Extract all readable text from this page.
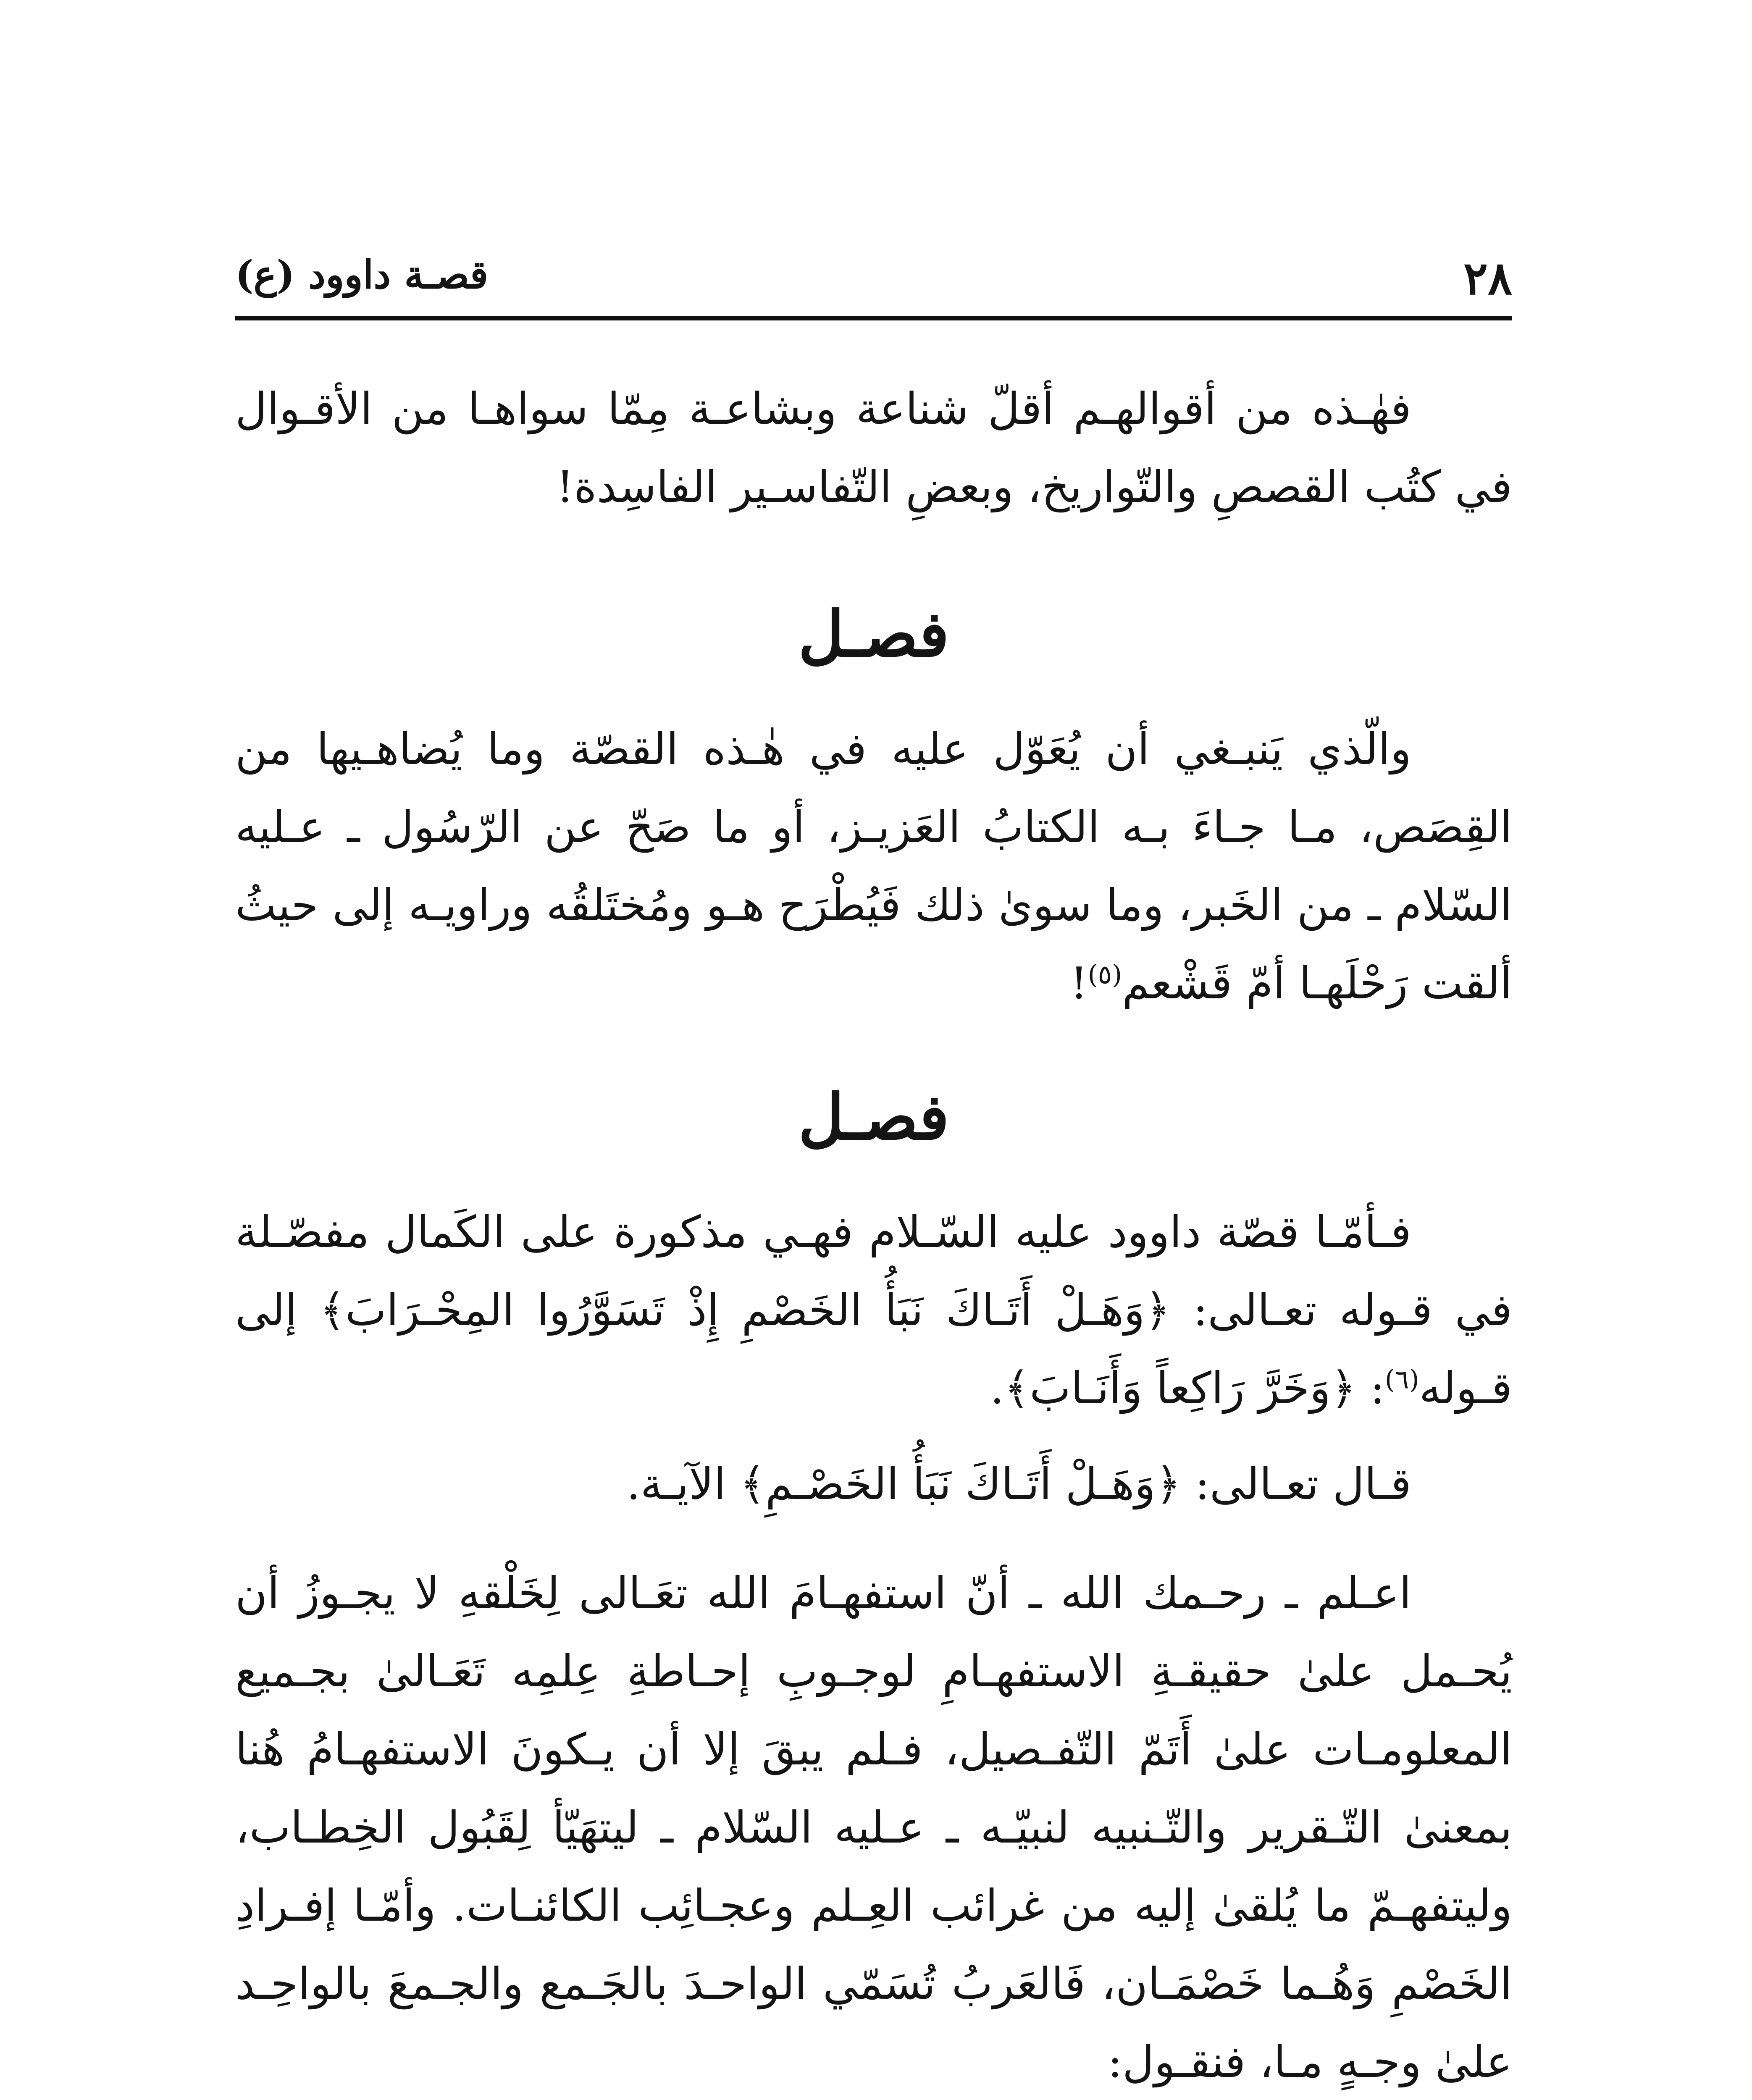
٢٨
قصـة داوود (ع)
فهٰـذه من أقوالهـم أقلّ شناعة وبشاعـة مِمّا سواهـا من الأقـوال في كتُب القصصِ والتّواريخ، وبعضِ التّفاسـير الفاسِدة!
فصـل
والّذي يَنبـغي أن يُعَوّل عليه في هٰـذه القصّة وما يُضاهـيها من القِصَص، مـا جـاءَ بـه الكتابُ العَزيـز، أو ما صَحّ عن الرّسُول ـ عـليه السّلام ـ من الخَبر، وما سوىٰ ذلك فَيُطْرَح هـو ومُختَلقُه وراويـه إلى حيثُ ألقت رَحْلَهـا أمّ قَشْعم$^{(٥)}$!
فصـل
فـأمّـا قصّة داوود عليه السّـلام فهـي مذكورة على الكَمال مفصّـلة في قـوله تعـالى: ﴿وَهَـلْ أَتَـاكَ نَبَأُ الخَصْمِ إِذْ تَسَوَّرُوا المِحْـرَابَ﴾ إلى قـوله$^{(٦)}$: ﴿وَخَرَّ رَاكِعاً وَأَنَـابَ﴾.
قـال تعـالى: ﴿وَهَـلْ أَتَـاكَ نَبَأُ الخَصْـمِ﴾ الآيـة.
اعـلم ـ رحـمك الله ـ أنّ استفهـامَ الله تعَـالى لِخَلْقهِ لا يجـوزُ أن يُحـمل علىٰ حقيقـةِ الاستفهـامِ لوجـوبِ إحـاطةِ عِلمِه تَعَـالىٰ بجـميع المعلومـات علىٰ أَتَمّ التّفـصيل، فـلم يبقَ إلا أن يـكونَ الاستفهـامُ هُنا بمعنىٰ التّـقرير والتّـنبيه لنبيّـه ـ عـليه السّلام ـ ليتهَيّأ لِقَبُول الخِطـاب، وليتفهـمّ ما يُلقىٰ إليه من غرائب العِـلم وعجـائِب الكائنـات. وأمّـا إفـرادِ الخَصْمِ وَهُـما خَصْمَـان، فَالعَربُ تُسَمّي الواحـدَ بالجَـمع والجـمعَ بالواحِـد علىٰ وجـهٍ مـا، فنقـول:
